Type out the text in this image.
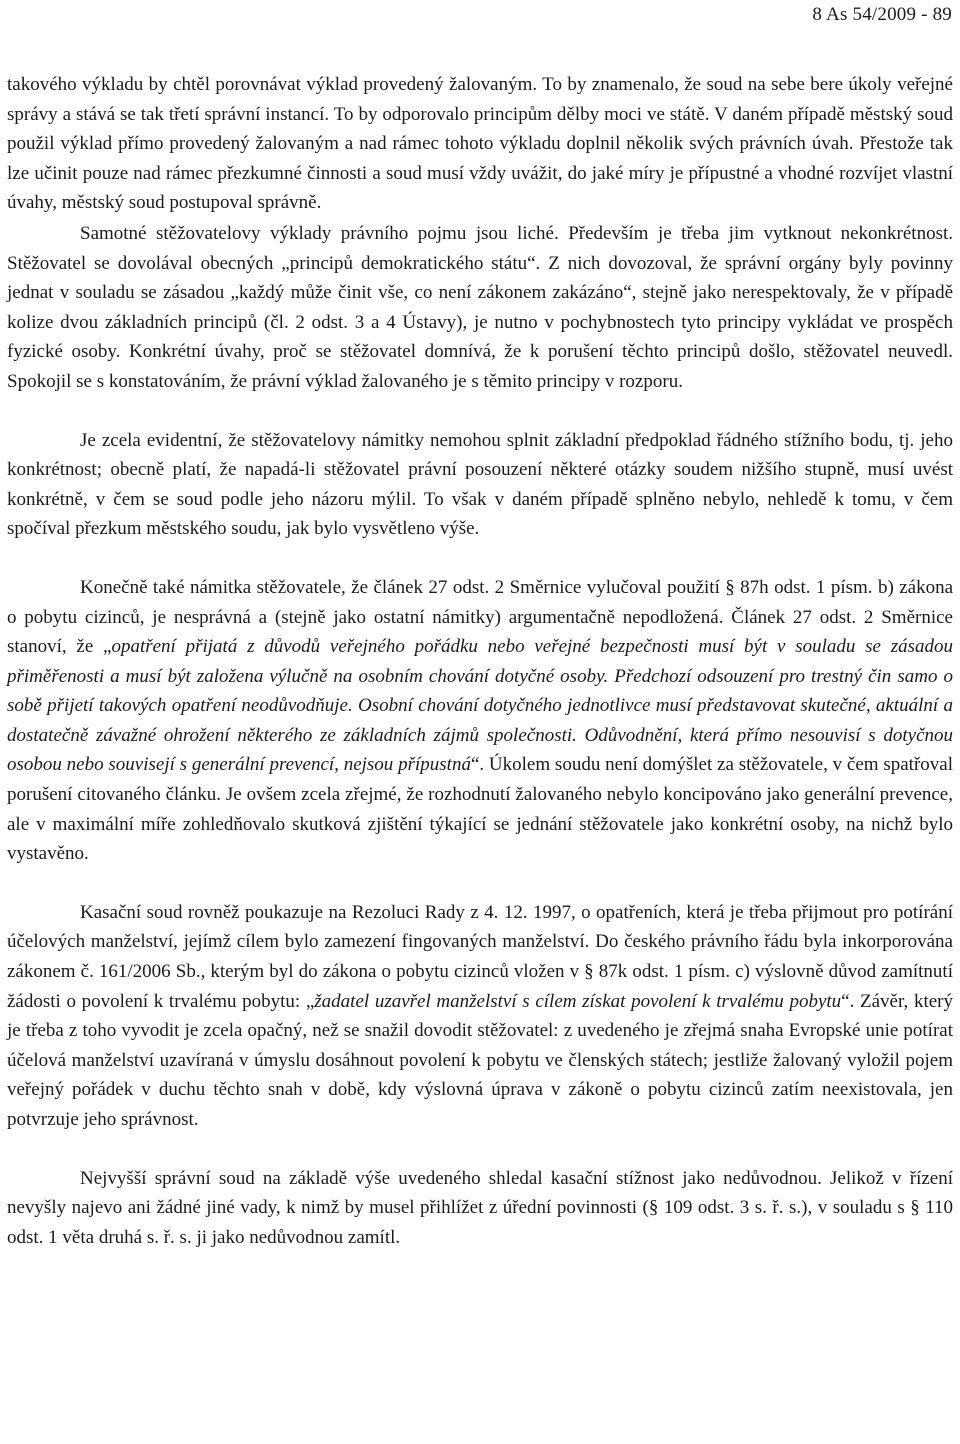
8 As 54/2009 - 89

takového výkladu by chtěl porovnávat výklad provedený žalovaným. To by znamenalo, že soud na sebe bere úkoly veřejné správy a stává se tak třetí správní instancí. To by odporovalo principům dělby moci ve státě. V daném případě městský soud použil výklad přímo provedený žalovaným a nad rámec tohoto výkladu doplnil několik svých právních úvah. Přestože tak lze učinit pouze nad rámec přezkumné činnosti a soud musí vždy uvážit, do jaké míry je přípustné a vhodné rozvíjet vlastní úvahy, městský soud postupoval správně.

Samotné stěžovatelovy výklady právního pojmu jsou liché. Především je třeba jim vytknout nekonkrétnost. Stěžovatel se dovolával obecných „principů demokratického státu“. Z nich dovozoval, že správní orgány byly povinny jednat v souladu se zásadou „každý může činit vše, co není zákonem zakázáno“, stejně jako nerespektovaly, že v případě kolize dvou základních principů (čl. 2 odst. 3 a 4 Ústavy), je nutno v pochybnostech tyto principy vykládat ve prospěch fyzické osoby. Konkrétní úvahy, proč se stěžovatel domnívá, že k porušení těchto principů došlo, stěžovatel neuvedl. Spokojil se s konstatováním, že právní výklad žalovaného je s těmito principy v rozporu.

Je zcela evidentní, že stěžovatelovy námitky nemohou splnit základní předpoklad řádného stížního bodu, tj. jeho konkrétnost; obecně platí, že napadá-li stěžovatel právní posouzení některé otázky soudem nižšího stupně, musí uvést konkrétně, v čem se soud podle jeho názoru mýlil. To však v daném případě splněno nebylo, nehledě k tomu, v čem spočíval přezkum městského soudu, jak bylo vysvětleno výše.

Konečně také námitka stěžovatele, že článek 27 odst. 2 Směrnice vylučoval použití § 87h odst. 1 písm. b) zákona o pobytu cizinců, je nesprávná a (stejně jako ostatní námitky) argumentačně nepodložená. Článek 27 odst. 2 Směrnice stanoví, že „opatření přijatá z důvodů veřejného pořádku nebo veřejné bezpečnosti musí být v souladu se zásadou přiměřenosti a musí být založena výlučně na osobním chování dotyčné osoby. Předchozí odsouzení pro trestný čin samo o sobě přijetí takových opatření neodůvodňuje. Osobní chování dotyčného jednotlivce musí představovat skutečné, aktuální a dostatečně závažné ohrožení některého ze základních zájmů společnosti. Odůvodnění, která přímo nesouvisí s dotyčnou osobou nebo souvisejí s generální prevencí, nejsou přípustná“. Úkolem soudu není domýšlet za stěžovatele, v čem spatřoval porušení citovaného článku. Je ovšem zcela zřejmé, že rozhodnutí žalovaného nebylo koncipováno jako generální prevence, ale v maximální míře zohledňovalo skutková zjištění týkající se jednání stěžovatele jako konkrétní osoby, na nichž bylo vystavěno.

Kasační soud rovněž poukazuje na Rezoluci Rady z 4. 12. 1997, o opatřeních, která je třeba přijmout pro potírání účelových manželství, jejímž cílem bylo zamezení fingovaných manželství. Do českého právního řádu byla inkorporována zákonem č. 161/2006 Sb., kterým byl do zákona o pobytu cizinců vložen v § 87k odst. 1 písm. c) výslovně důvod zamítnutí žádosti o povolení k trvalému pobytu: „žadatel uzavřel manželství s cílem získat povolení k trvalému pobytu“. Závěr, který je třeba z toho vyvodit je zcela opačný, než se snažil dovodit stěžovatel: z uvedeného je zřejmá snaha Evropské unie potírat účelová manželství uzavíraná v úmyslu dosáhnout povolení k pobytu ve členských státech; jestliže žalovaný vyložil pojem veřejný pořádek v duchu těchto snah v době, kdy výslovná úprava v zákoně o pobytu cizinců zatím neexistovala, jen potvrzuje jeho správnost.

Nejvyšší správní soud na základě výše uvedeného shledal kasační stížnost jako nedůvodnou. Jelikož v řízení nevyšly najevo ani žádné jiné vady, k nimž by musel přihlížet z úřední povinnosti (§ 109 odst. 3 s. ř. s.), v souladu s § 110 odst. 1 věta druhá s. ř. s. ji jako nedůvodnou zamítl.
